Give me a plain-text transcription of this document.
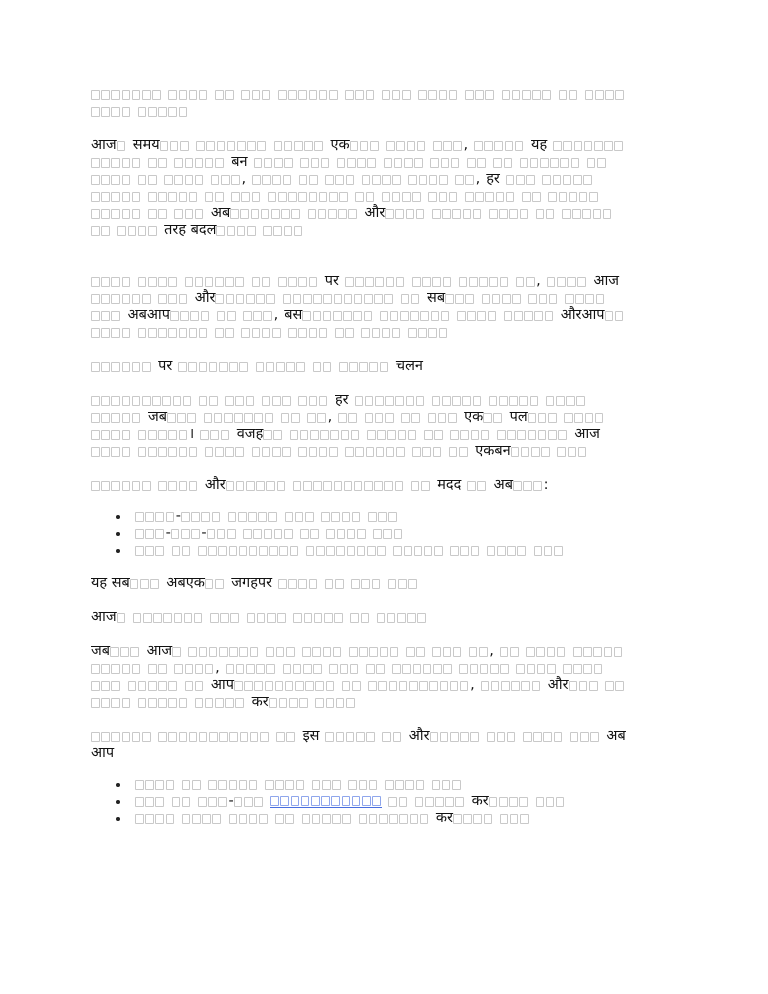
आज समय	एक	,	यह
बन
,	, हर
अब	और
तरह बदल
पर	,	आज
और	सब
अबआप	, बस	औरआप
पर	चलन
हर
जब	,	एक पल
।	वजह	आज
एकबन
और	मदद अब :
-
- -
यह सब	अबएक जगहपर
आज
जब	आज	,
,
आप	,	और
कर
इस	और	अब
आप
-	कर
कर
